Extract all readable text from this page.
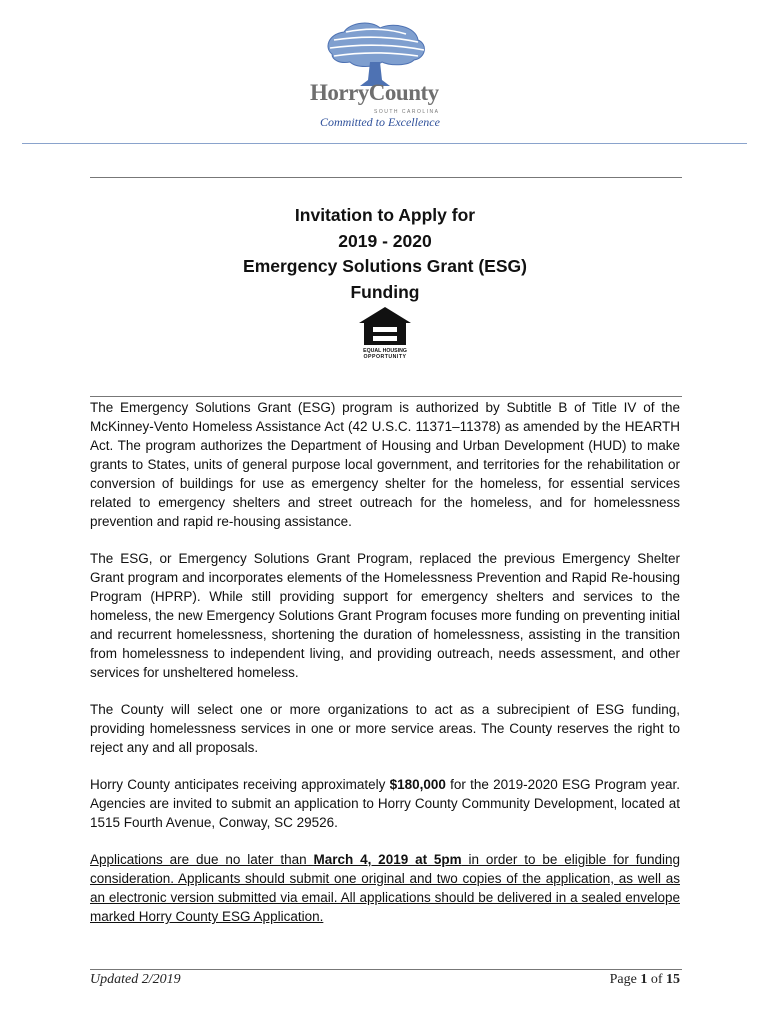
HorryCounty
SOUTH CAROLINA
Committed to Excellence
Invitation to Apply for
2019 - 2020
Emergency Solutions Grant (ESG)
Funding
EQUAL HOUSING
OPPORTUNITY

The Emergency Solutions Grant (ESG) program is authorized by Subtitle B of Title IV of the McKinney-Vento Homeless Assistance Act (42 U.S.C. 11371–11378) as amended by the HEARTH Act. The program authorizes the Department of Housing and Urban Development (HUD) to make grants to States, units of general purpose local government, and territories for the rehabilitation or conversion of buildings for use as emergency shelter for the homeless, for essential services related to emergency shelters and street outreach for the homeless, and for homelessness prevention and rapid re-housing assistance.

The ESG, or Emergency Solutions Grant Program, replaced the previous Emergency Shelter Grant program and incorporates elements of the Homelessness Prevention and Rapid Re-housing Program (HPRP). While still providing support for emergency shelters and services to the homeless, the new Emergency Solutions Grant Program focuses more funding on preventing initial and recurrent homelessness, shortening the duration of homelessness, assisting in the transition from homelessness to independent living, and providing outreach, needs assessment, and other services for unsheltered homeless.

The County will select one or more organizations to act as a subrecipient of ESG funding, providing homelessness services in one or more service areas. The County reserves the right to reject any and all proposals.

Horry County anticipates receiving approximately $180,000 for the 2019-2020 ESG Program year. Agencies are invited to submit an application to Horry County Community Development, located at 1515 Fourth Avenue, Conway, SC 29526.

Applications are due no later than March 4, 2019 at 5pm in order to be eligible for funding consideration. Applicants should submit one original and two copies of the application, as well as an electronic version submitted via email. All applications should be delivered in a sealed envelope marked Horry County ESG Application.

Updated 2/2019	Page 1 of 15
